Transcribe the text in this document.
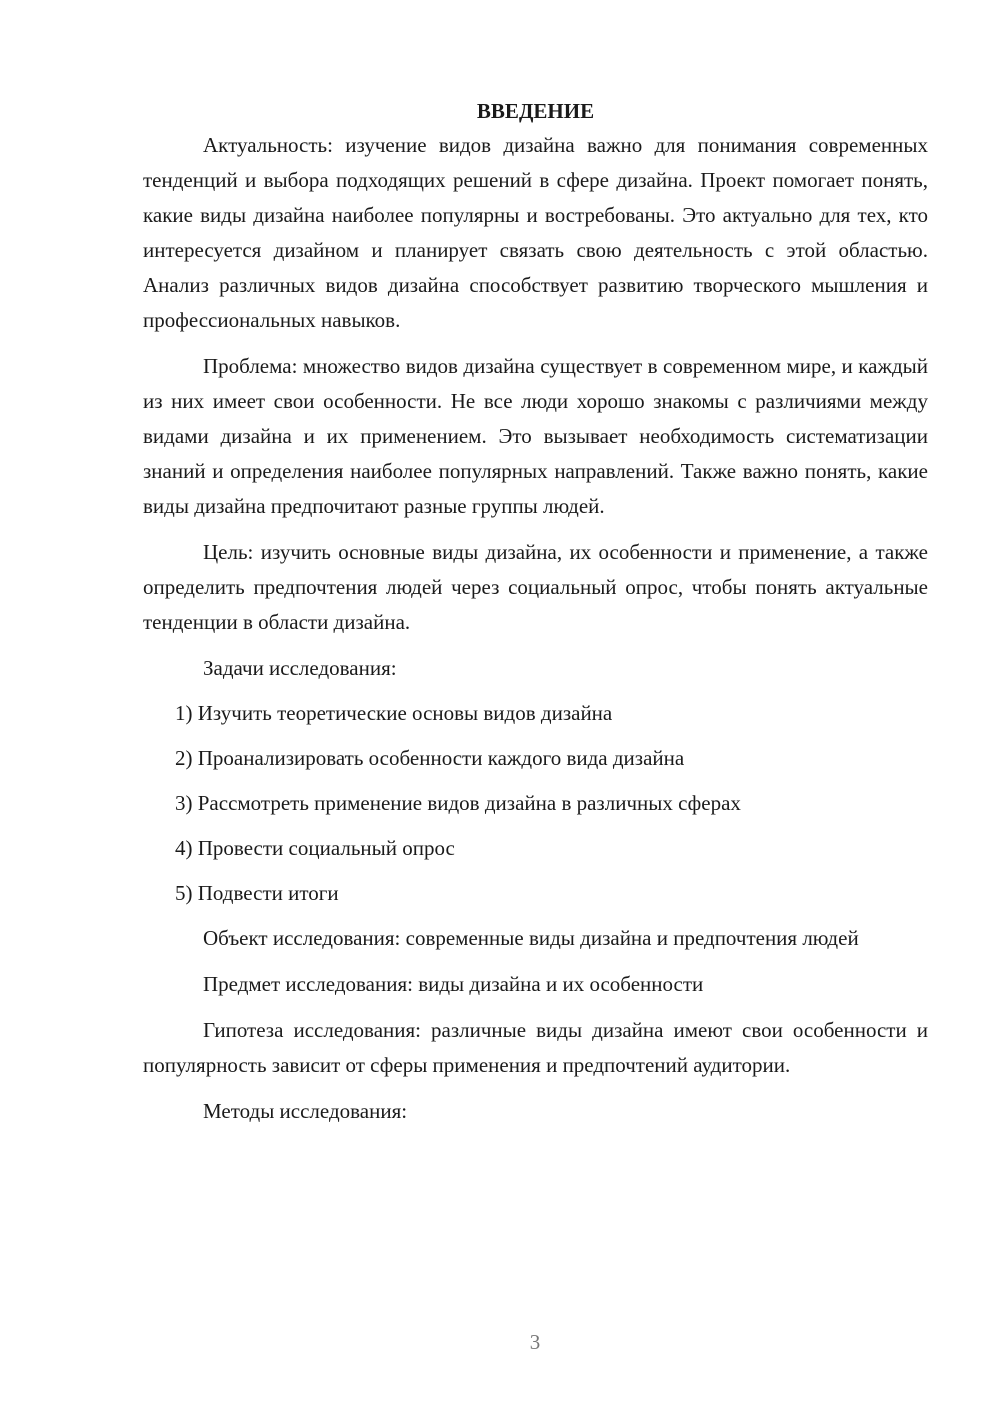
ВВЕДЕНИЕ

Актуальность: изучение видов дизайна важно для понимания современных тенденций и выбора подходящих решений в сфере дизайна. Проект помогает понять, какие виды дизайна наиболее популярны и востребованы. Это актуально для тех, кто интересуется дизайном и планирует связать свою деятельность с этой областью. Анализ различных видов дизайна способствует развитию творческого мышления и профессиональных навыков.

Проблема: множество видов дизайна существует в современном мире, и каждый из них имеет свои особенности. Не все люди хорошо знакомы с различиями между видами дизайна и их применением. Это вызывает необходимость систематизации знаний и определения наиболее популярных направлений. Также важно понять, какие виды дизайна предпочитают разные группы людей.

Цель: изучить основные виды дизайна, их особенности и применение, а также определить предпочтения людей через социальный опрос, чтобы понять актуальные тенденции в области дизайна.

Задачи исследования:

1) Изучить теоретические основы видов дизайна
2) Проанализировать особенности каждого вида дизайна
3) Рассмотреть применение видов дизайна в различных сферах
4) Провести социальный опрос
5) Подвести итоги

Объект исследования: современные виды дизайна и предпочтения людей

Предмет исследования: виды дизайна и их особенности

Гипотеза исследования: различные виды дизайна имеют свои особенности и популярность зависит от сферы применения и предпочтений аудитории.

Методы исследования:

3
